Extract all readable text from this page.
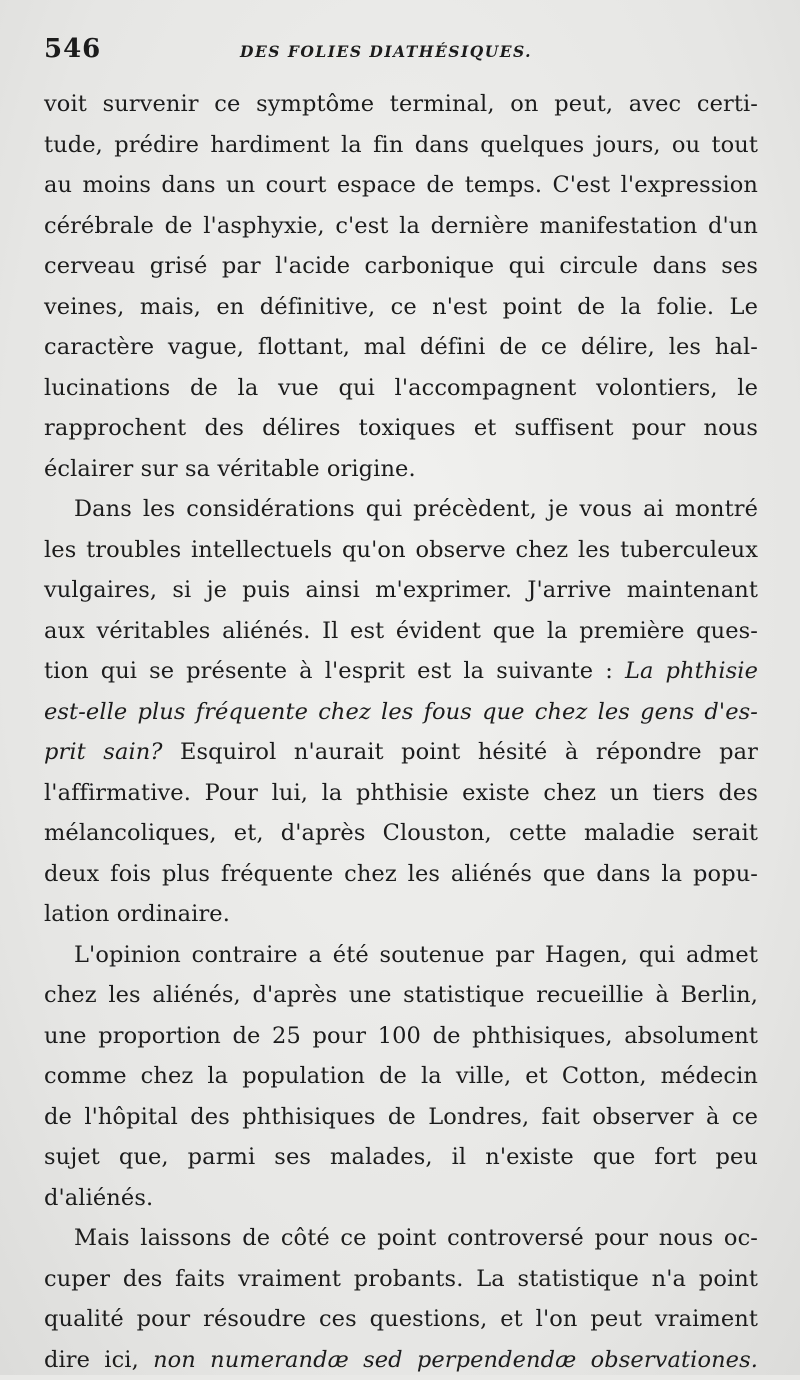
546	DES FOLIES DIATHÉSIQUES.
voit survenir ce symptôme terminal, on peut, avec certi-
tude, prédire hardiment la fin dans quelques jours, ou tout
au moins dans un court espace de temps. C'est l'expression
cérébrale de l'asphyxie, c'est la dernière manifestation d'un
cerveau grisé par l'acide carbonique qui circule dans ses
veines, mais, en définitive, ce n'est point de la folie. Le
caractère vague, flottant, mal défini de ce délire, les hal-
lucinations de la vue qui l'accompagnent volontiers, le
rapprochent des délires toxiques et suffisent pour nous
éclairer sur sa véritable origine.
Dans les considérations qui précèdent, je vous ai montré
les troubles intellectuels qu'on observe chez les tuberculeux
vulgaires, si je puis ainsi m'exprimer. J'arrive maintenant
aux véritables aliénés. Il est évident que la première ques-
tion qui se présente à l'esprit est la suivante : La phthisie
est-elle plus fréquente chez les fous que chez les gens d'es-
prit sain? Esquirol n'aurait point hésité à répondre par
l'affirmative. Pour lui, la phthisie existe chez un tiers des
mélancoliques, et, d'après Clouston, cette maladie serait
deux fois plus fréquente chez les aliénés que dans la popu-
lation ordinaire.
L'opinion contraire a été soutenue par Hagen, qui admet
chez les aliénés, d'après une statistique recueillie à Berlin,
une proportion de 25 pour 100 de phthisiques, absolument
comme chez la population de la ville, et Cotton, médecin
de l'hôpital des phthisiques de Londres, fait observer à ce
sujet que, parmi ses malades, il n'existe que fort peu
d'aliénés.
Mais laissons de côté ce point controversé pour nous oc-
cuper des faits vraiment probants. La statistique n'a point
qualité pour résoudre ces questions, et l'on peut vraiment
dire ici, non numerandæ sed perpendendæ observationes.
